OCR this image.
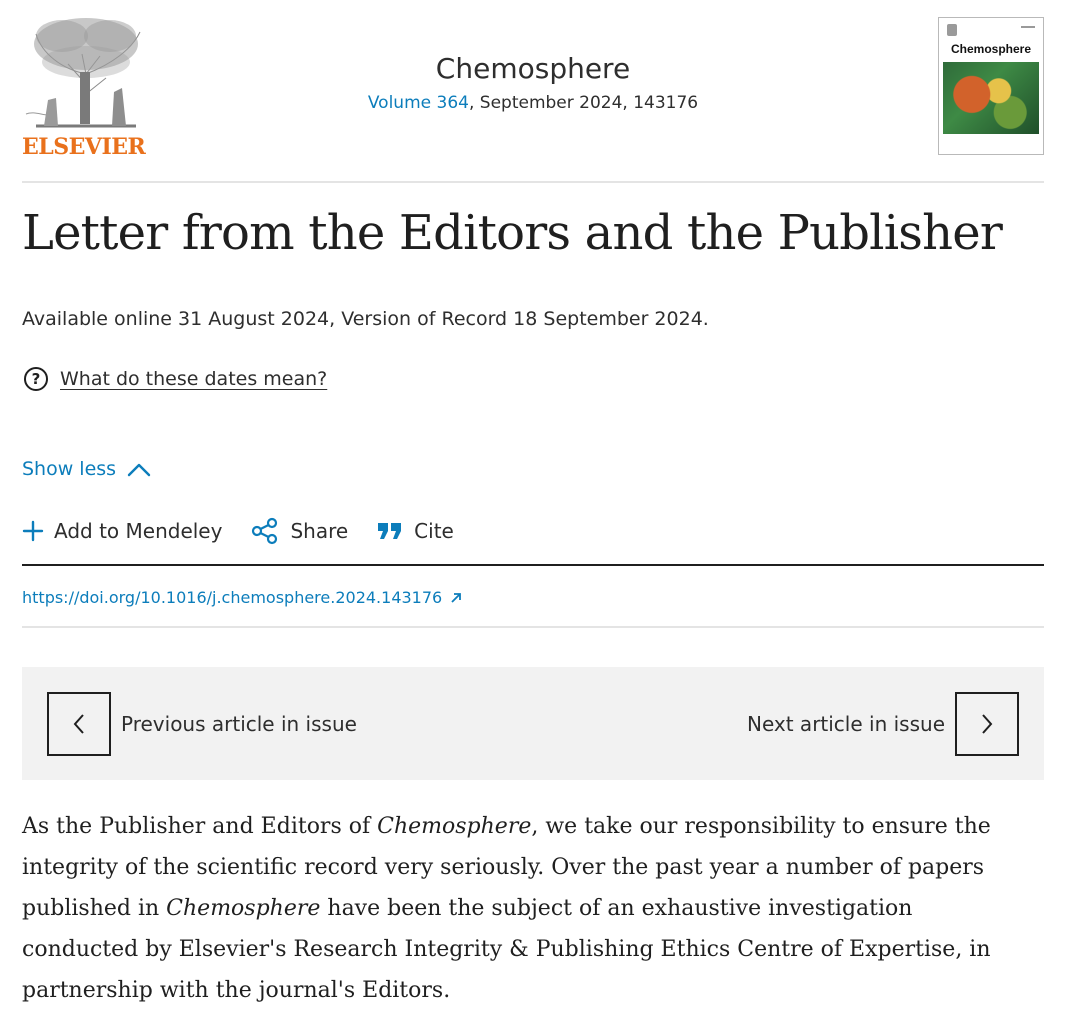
ELSEVIER
Chemosphere
Volume 364, September 2024, 143176
Chemosphere
Letter from the Editors and the Publisher
Available online 31 August 2024, Version of Record 18 September 2024.
?	What do these dates mean?
Show less
Add to Mendeley	Share	Cite
https://doi.org/10.1016/j.chemosphere.2024.143176
Previous article in issue	Next article in issue

As the Publisher and Editors of Chemosphere, we take our responsibility to ensure the integrity of the scientific record very seriously. Over the past year a number of papers published in Chemosphere have been the subject of an exhaustive investigation conducted by Elsevier's Research Integrity & Publishing Ethics Centre of Expertise, in partnership with the journal's Editors.
